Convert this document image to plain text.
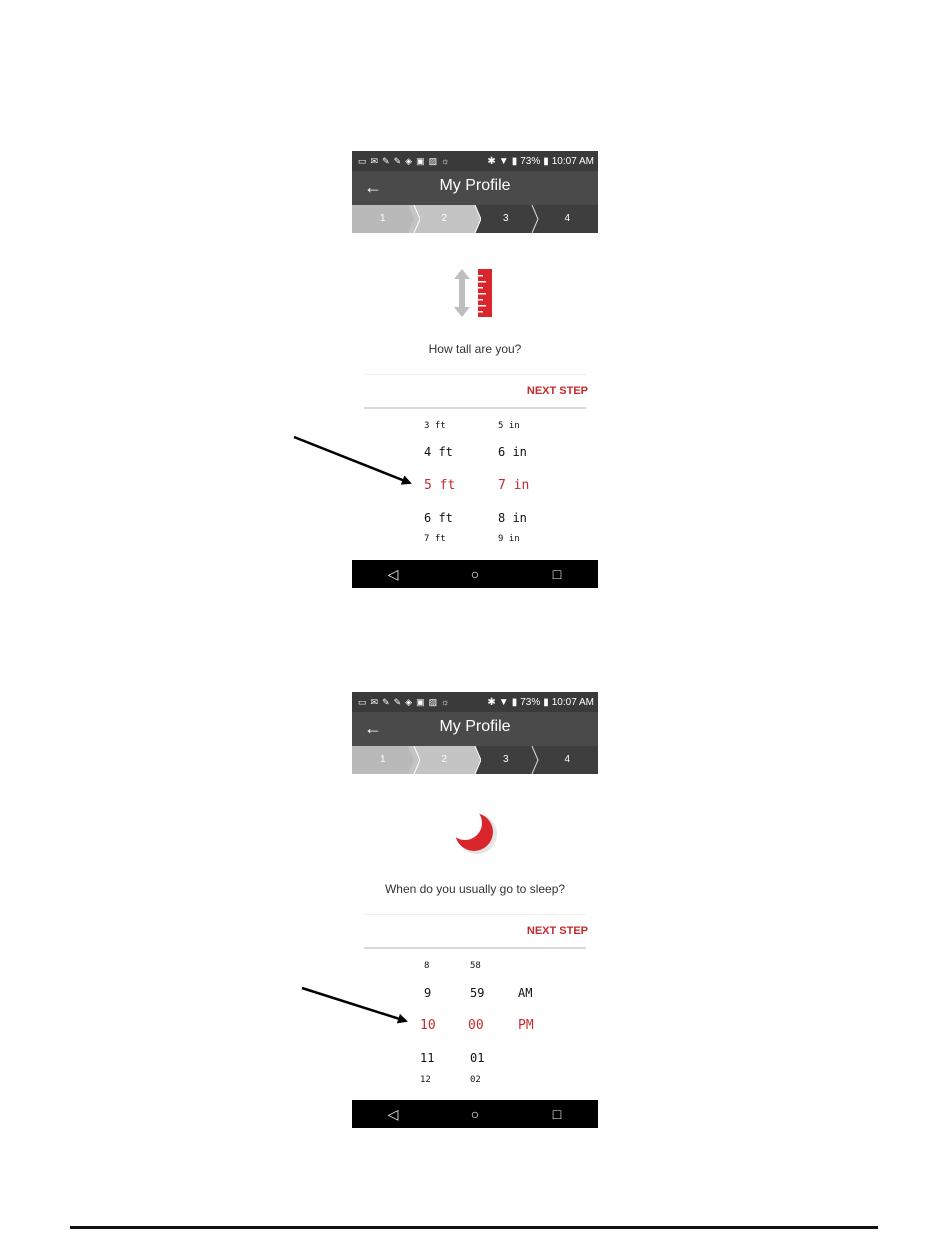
▭ ✉ ✎ ✎ ◈ ▣ ▨ ☼	✱ ▼ ▮ 73% ▮ 10:07 AM
←	My Profile
1	2	3	4
How tall are you?
NEXT STEP
3 ft	5 in
4 ft	6 in
5 ft	7 in
6 ft	8 in
7 ft	9 in
◁	○	□
▭ ✉ ✎ ✎ ◈ ▣ ▨ ☼	✱ ▼ ▮ 73% ▮ 10:07 AM
←	My Profile
1	2	3	4
When do you usually go to sleep?
NEXT STEP
8	58
9	59	AM
10 00	PM
11	01
12	02
◁	○	□
